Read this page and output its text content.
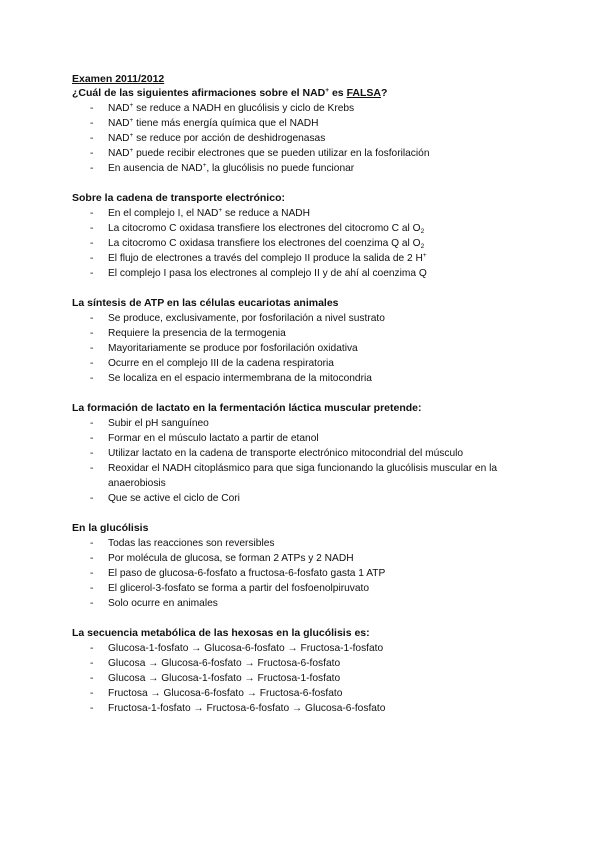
Examen 2011/2012

¿Cuál de las siguientes afirmaciones sobre el NAD+ es FALSA?

- NAD+ se reduce a NADH en glucólisis y ciclo de Krebs
- NAD+ tiene más energía química que el NADH
- NAD+ se reduce por acción de deshidrogenasas
- NAD+ puede recibir electrones que se pueden utilizar en la fosforilación
- En ausencia de NAD+, la glucólisis no puede funcionar

Sobre la cadena de transporte electrónico:

- En el complejo I, el NAD+ se reduce a NADH
- La citocromo C oxidasa transfiere los electrones del citocromo C al $O_2$
- La citocromo C oxidasa transfiere los electrones del coenzima Q al $O_2$
- El flujo de electrones a través del complejo II produce la salida de 2 H+
- El complejo I pasa los electrones al complejo II y de ahí al coenzima Q

La síntesis de ATP en las células eucariotas animales

- Se produce, exclusivamente, por fosforilación a nivel sustrato
- Requiere la presencia de la termogenia
- Mayoritariamente se produce por fosforilación oxidativa
- Ocurre en el complejo III de la cadena respiratoria
- Se localiza en el espacio intermembrana de la mitocondria

La formación de lactato en la fermentación láctica muscular pretende:

- Subir el pH sanguíneo
- Formar en el músculo lactato a partir de etanol
- Utilizar lactato en la cadena de transporte electrónico mitocondrial del músculo
- Reoxidar el NADH citoplásmico para que siga funcionando la glucólisis muscular en la anaerobiosis
- Que se active el ciclo de Cori

En la glucólisis

- Todas las reacciones son reversibles
- Por molécula de glucosa, se forman 2 ATPs y 2 NADH
- El paso de glucosa-6-fosfato a fructosa-6-fosfato gasta 1 ATP
- El glicerol-3-fosfato se forma a partir del fosfoenolpiruvato
- Solo ocurre en animales

La secuencia metabólica de las hexosas en la glucólisis es:

- Glucosa-1-fosfato → Glucosa-6-fosfato → Fructosa-1-fosfato
- Glucosa → Glucosa-6-fosfato → Fructosa-6-fosfato
- Glucosa → Glucosa-1-fosfato → Fructosa-1-fosfato
- Fructosa → Glucosa-6-fosfato → Fructosa-6-fosfato
- Fructosa-1-fosfato → Fructosa-6-fosfato → Glucosa-6-fosfato
